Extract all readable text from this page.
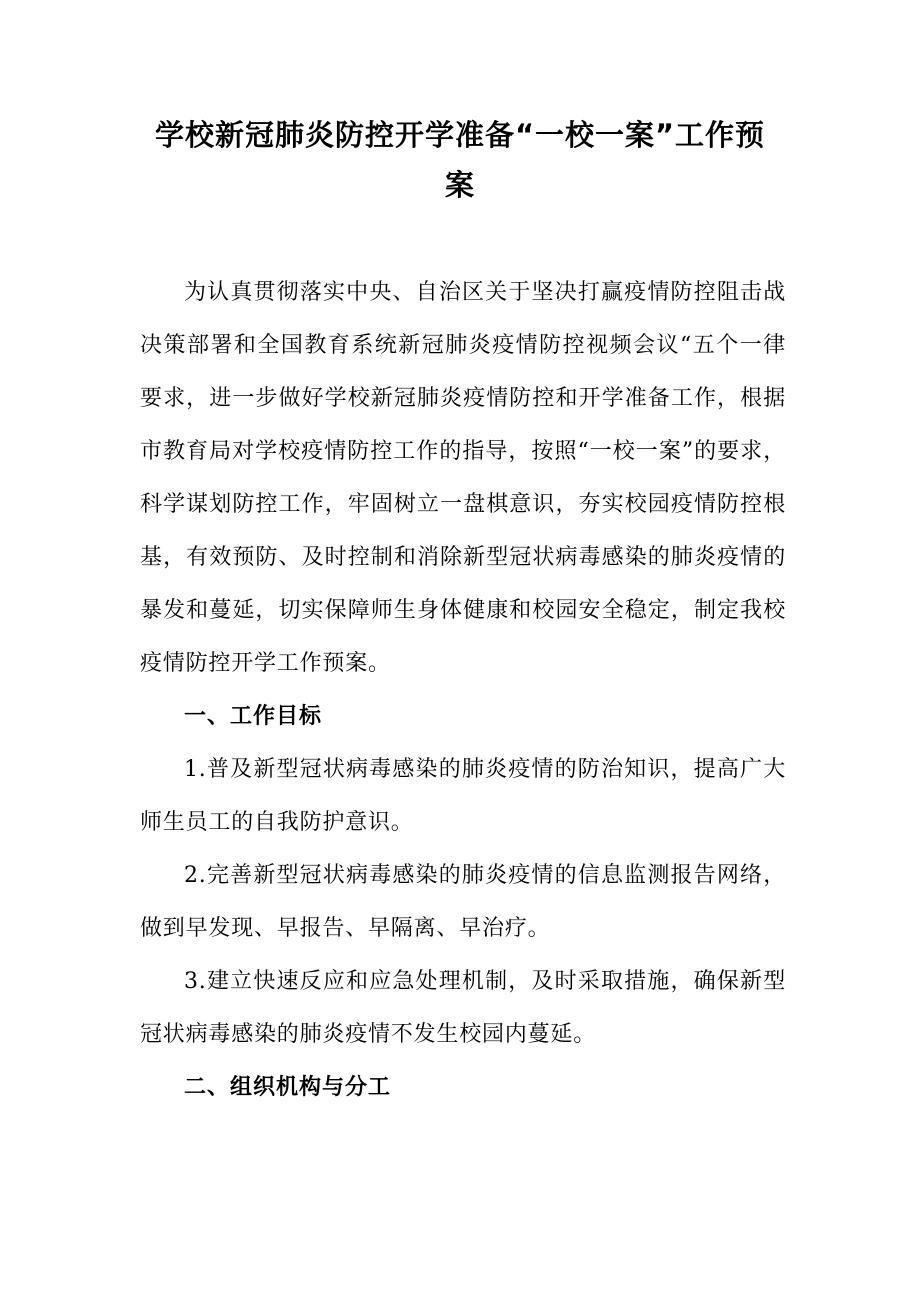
学校新冠肺炎防控开学准备“一校一案”工作预案

为认真贯彻落实中央、自治区关于坚决打赢疫情防控阻击战决策部署和全国教育系统新冠肺炎疫情防控视频会议“五个一律要求，进一步做好学校新冠肺炎疫情防控和开学准备工作，根据市教育局对学校疫情防控工作的指导，按照“一校一案”的要求，科学谋划防控工作，牢固树立一盘棋意识，夯实校园疫情防控根基，有效预防、及时控制和消除新型冠状病毒感染的肺炎疫情的暴发和蔓延，切实保障师生身体健康和校园安全稳定，制定我校疫情防控开学工作预案。

一、工作目标

1.普及新型冠状病毒感染的肺炎疫情的防治知识，提高广大师生员工的自我防护意识。

2.完善新型冠状病毒感染的肺炎疫情的信息监测报告网络，做到早发现、早报告、早隔离、早治疗。

3.建立快速反应和应急处理机制，及时采取措施，确保新型冠状病毒感染的肺炎疫情不发生校园内蔓延。

二、组织机构与分工
